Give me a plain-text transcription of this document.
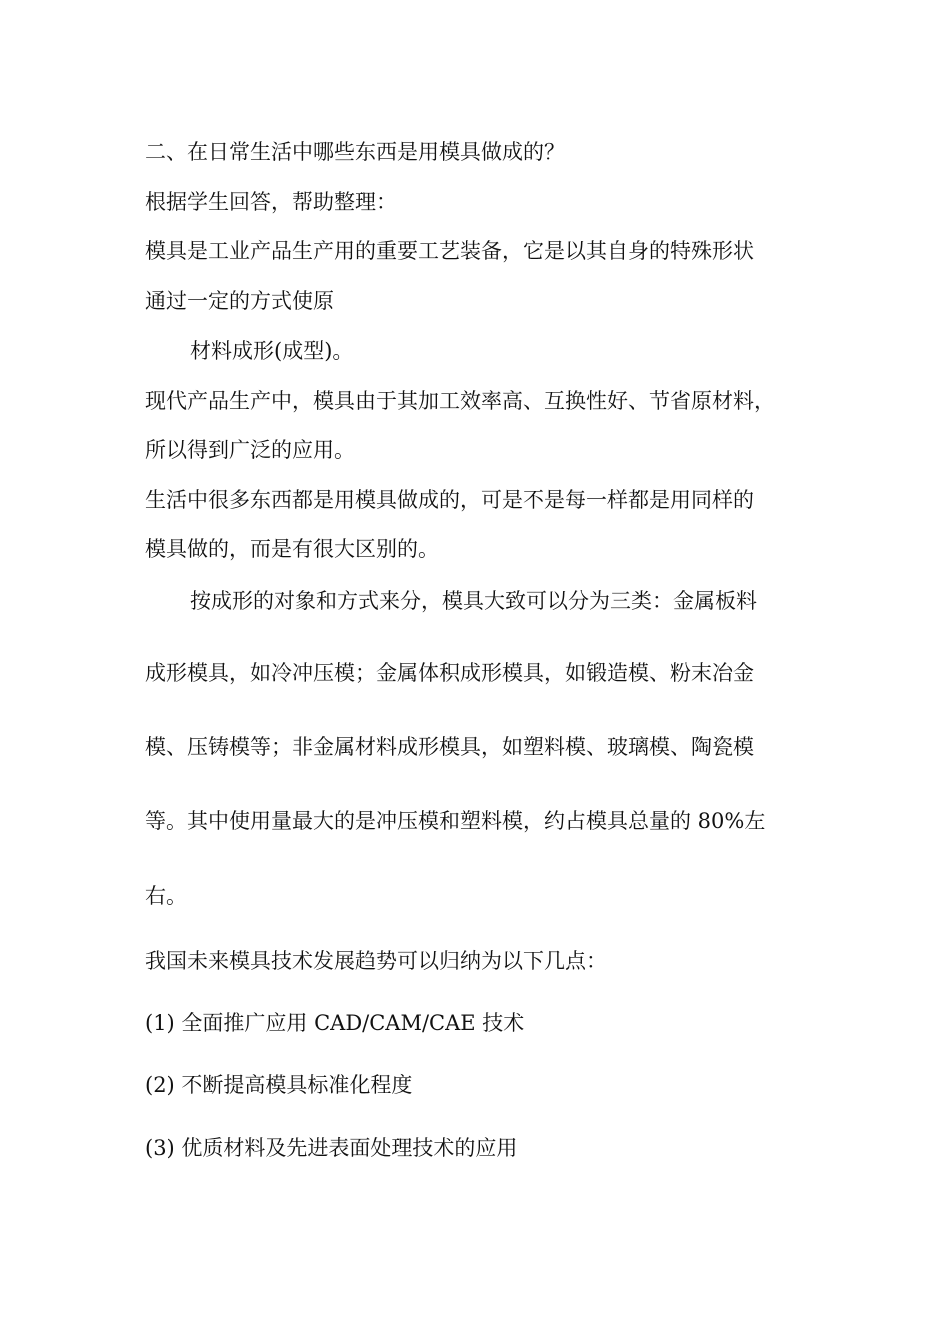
二、在日常生活中哪些东西是用模具做成的？
根据学生回答，帮助整理：
模具是工业产品生产用的重要工艺装备，它是以其自身的特殊形状
通过一定的方式使原
材料成形(成型)。
现代产品生产中，模具由于其加工效率高、互换性好、节省原材料，
所以得到广泛的应用。
生活中很多东西都是用模具做成的，可是不是每一样都是用同样的
模具做的，而是有很大区别的。
按成形的对象和方式来分，模具大致可以分为三类：金属板料
成形模具，如冷冲压模；金属体积成形模具，如锻造模、粉末冶金
模、压铸模等；非金属材料成形模具，如塑料模、玻璃模、陶瓷模
等。其中使用量最大的是冲压模和塑料模，约占模具总量的 80%左
右。
我国未来模具技术发展趋势可以归纳为以下几点：
(1) 全面推广应用 CAD/CAM/CAE 技术
(2) 不断提高模具标准化程度
(3) 优质材料及先进表面处理技术的应用
